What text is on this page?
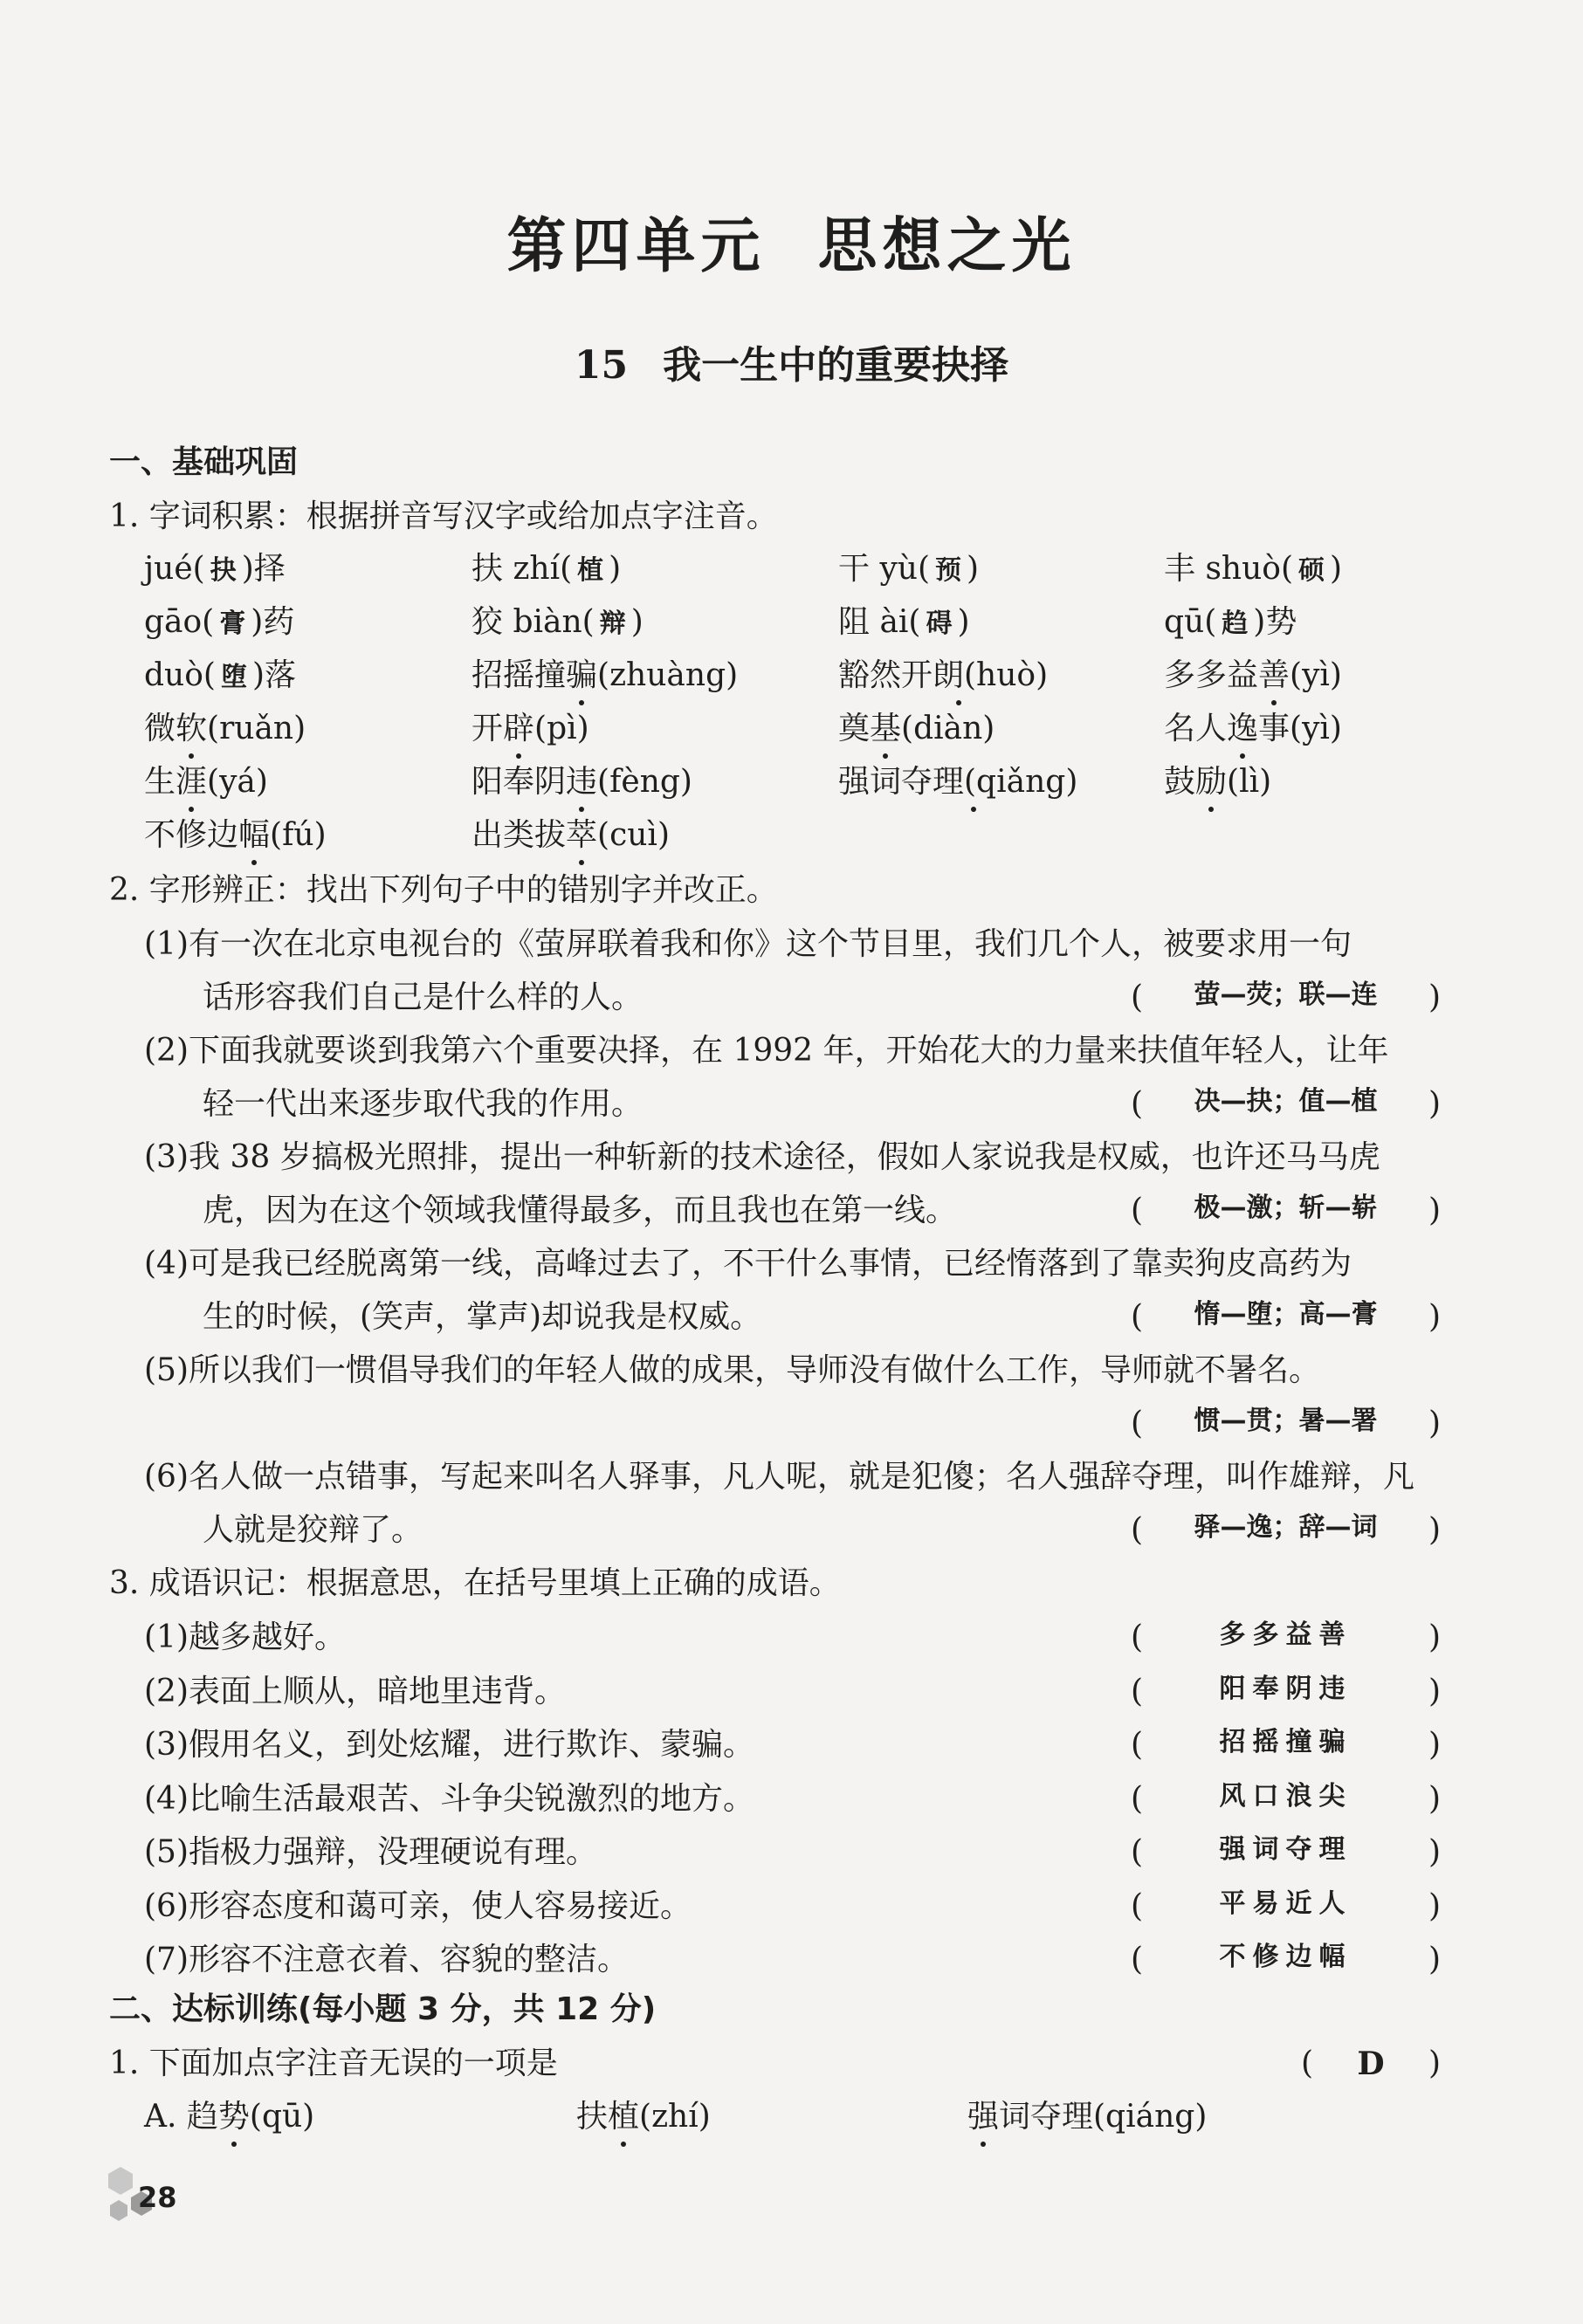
第四单元 思想之光
15 我一生中的重要抉择
一、基础巩固
1. 字词积累：根据拼音写汉字或给加点字注音。
jué( 抉 )择	扶 zhí( 植 )	干 yù( 预 )	丰 shuò( 硕 )
gāo( 膏 )药	狡 biàn( 辩 )	阻 ài( 碍 )	qū( 趋 )势
duò( 堕 )落	招摇撞骗(zhuàng)	豁然开朗(huò)	多多益善(yì)
微软(ruǎn)	开辟(pì)	奠基(diàn)	名人逸事(yì)
生涯(yá)	阳奉阴违(fèng)	强词夺理(qiǎng)	鼓励(lì)
不修边幅(fú)	出类拔萃(cuì)
2. 字形辨正：找出下列句子中的错别字并改正。
(1)有一次在北京电视台的《萤屏联着我和你》这个节目里，我们几个人，被要求用一句
话形容我们自己是什么样的人。	(	萤—荧；联—连	)
(2)下面我就要谈到我第六个重要决择，在 1992 年，开始花大的力量来扶值年轻人，让年
轻一代出来逐步取代我的作用。	(	决—抉；值—植	)
(3)我 38 岁搞极光照排，提出一种斩新的技术途径，假如人家说我是权威，也许还马马虎
虎，因为在这个领域我懂得最多，而且我也在第一线。	(	极—激；斩—崭	)
(4)可是我已经脱离第一线，高峰过去了，不干什么事情，已经惰落到了靠卖狗皮高药为
生的时候，(笑声，掌声)却说我是权威。	(	惰—堕；高—膏	)
(5)所以我们一惯倡导我们的年轻人做的成果，导师没有做什么工作，导师就不暑名。
(	惯—贯；暑—署	)
(6)名人做一点错事，写起来叫名人驿事，凡人呢，就是犯傻；名人强辞夺理，叫作雄辩，凡
人就是狡辩了。	(	驿—逸；辞—词	)
3. 成语识记：根据意思，在括号里填上正确的成语。
(1)越多越好。	(	多多益善	)
(2)表面上顺从，暗地里违背。	(	阳奉阴违	)
(3)假用名义，到处炫耀，进行欺诈、蒙骗。	(	招摇撞骗	)
(4)比喻生活最艰苦、斗争尖锐激烈的地方。	(	风口浪尖	)
(5)指极力强辩，没理硬说有理。	(	强词夺理	)
(6)形容态度和蔼可亲，使人容易接近。	(	平易近人	)
(7)形容不注意衣着、容貌的整洁。	(	不修边幅	)
二、达标训练(每小题 3 分，共 12 分)
1. 下面加点字注音无误的一项是	(	D	)
A. 趋势(qū)	扶植(zhí)	强词夺理(qiáng)
28
